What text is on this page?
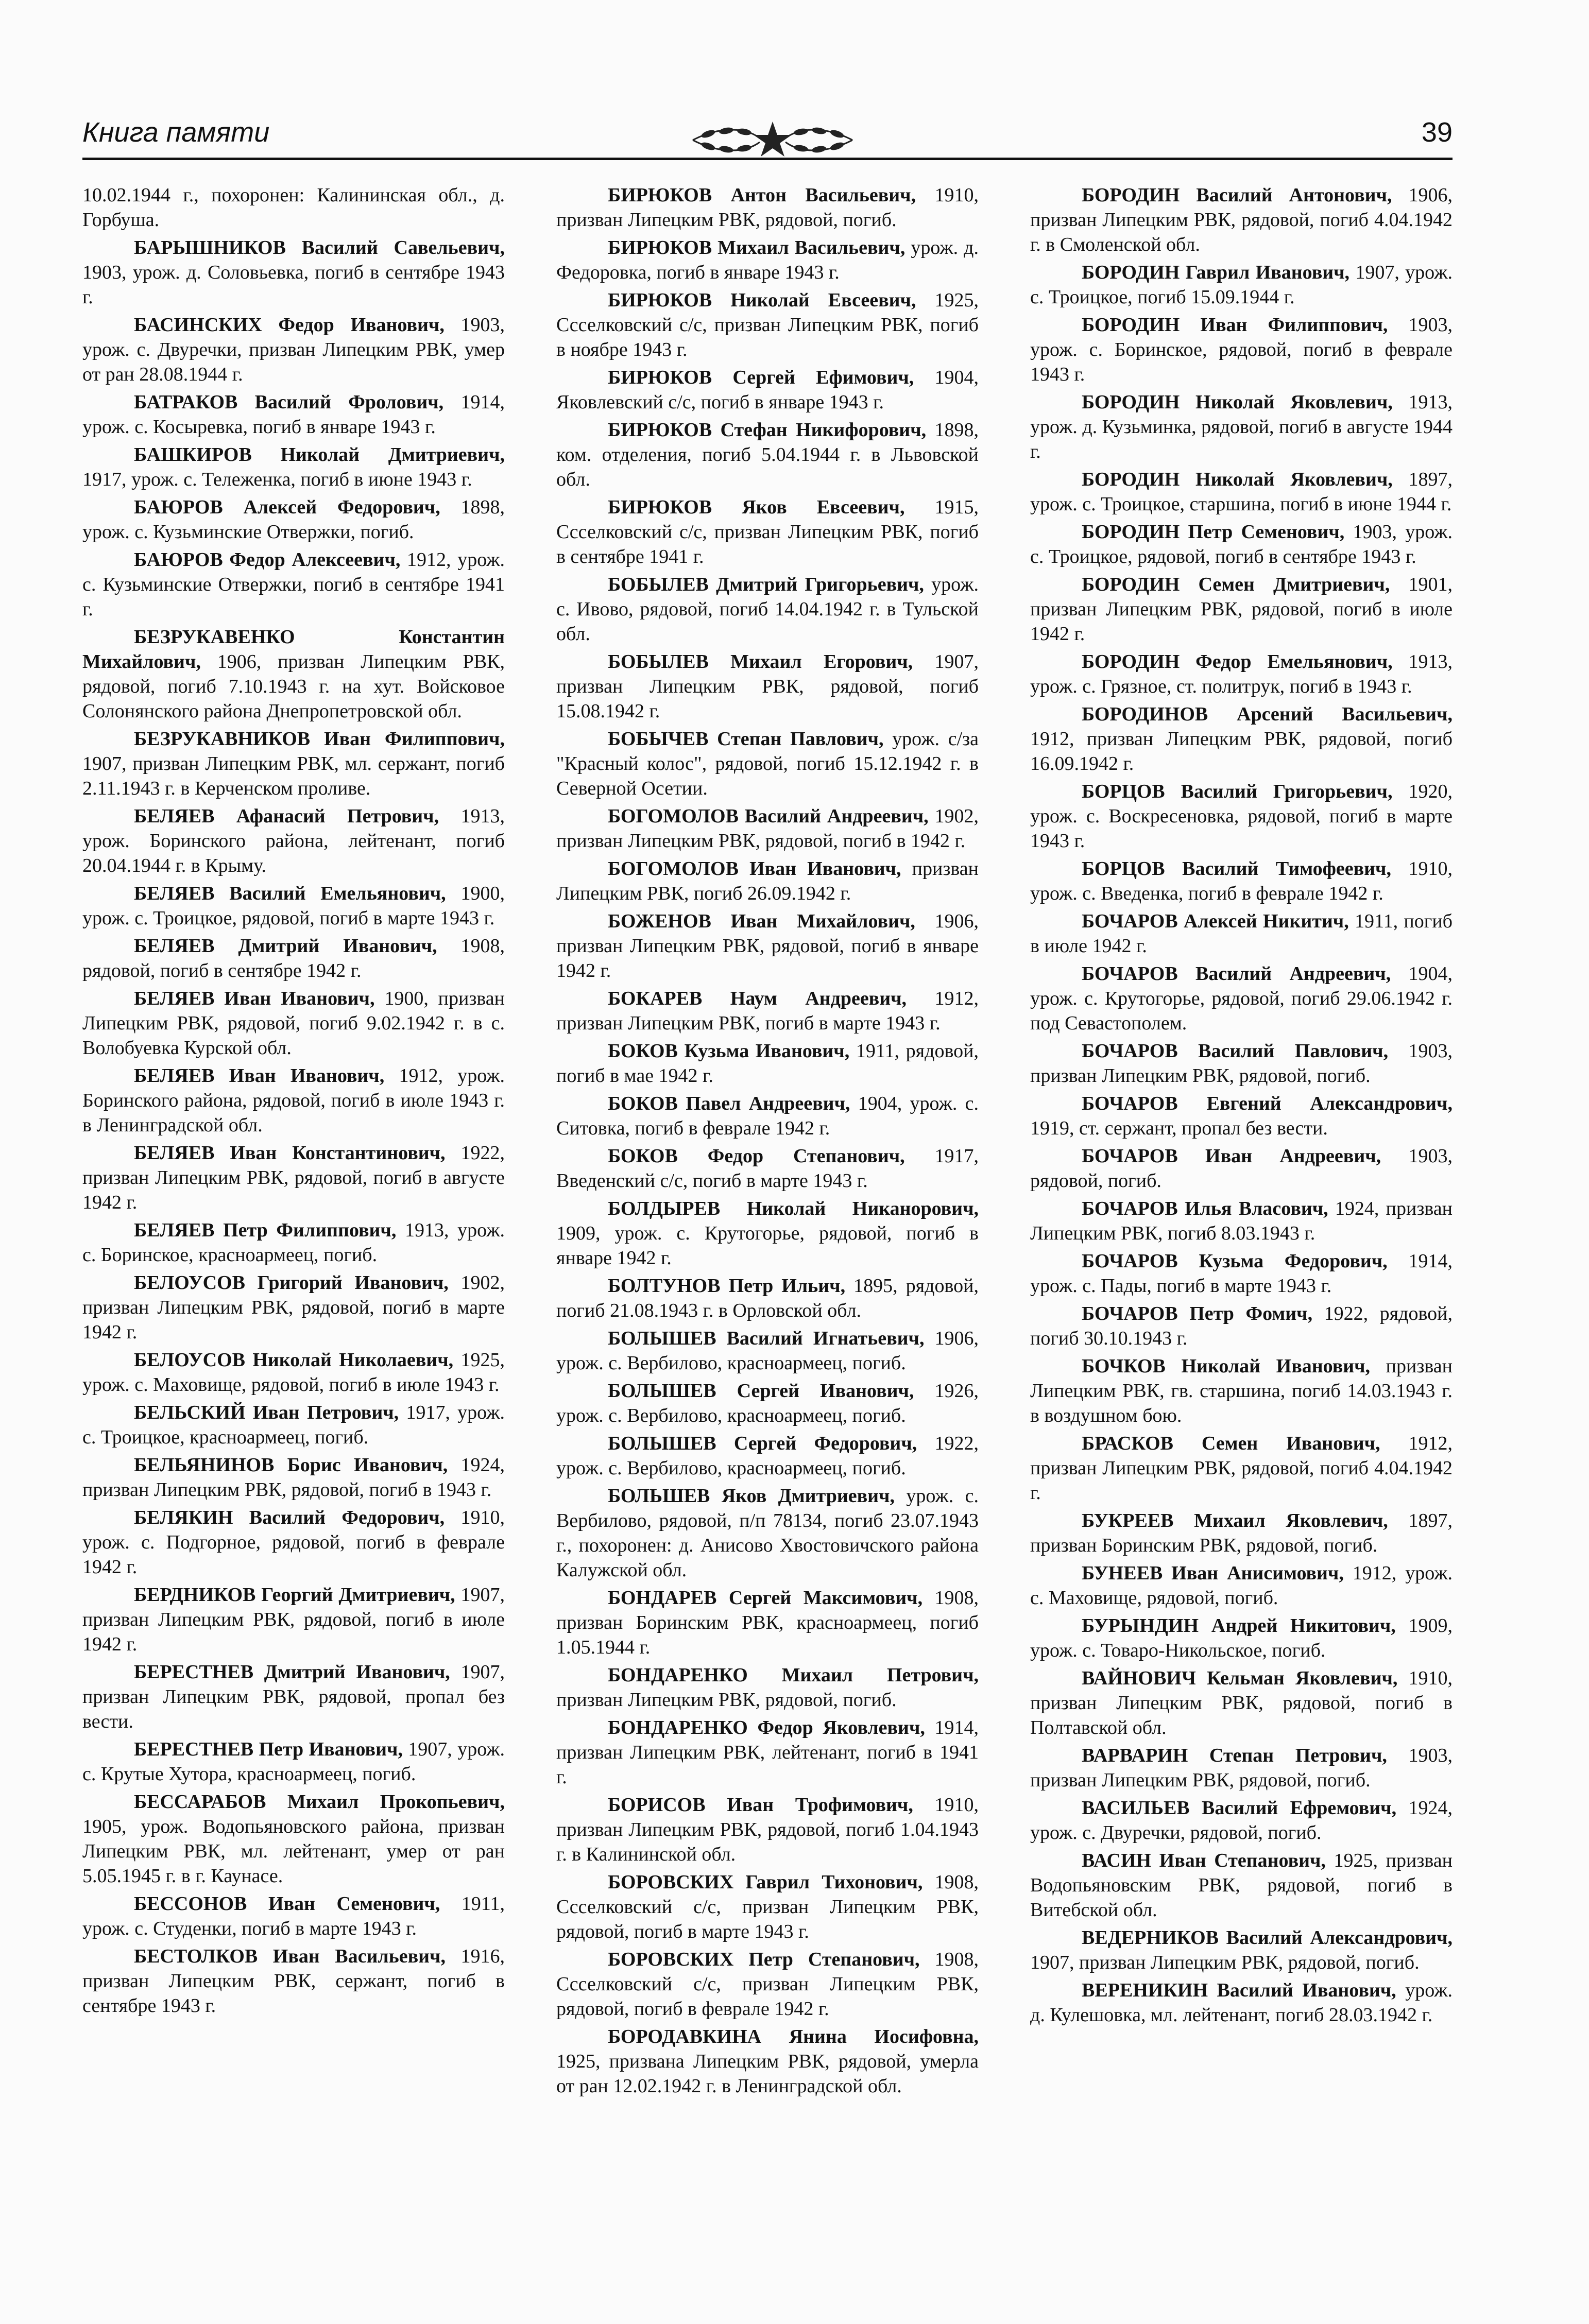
Книга памяти	39

10.02.1944 г., похоронен: Калининская обл., д. Горбуша.

БАРЫШНИКОВ Василий Савельевич, 1903, урож. д. Соловьевка, погиб в сентябре 1943 г.

БАСИНСКИХ Федор Иванович, 1903, урож. с. Двуречки, призван Липецким РВК, умер от ран 28.08.1944 г.

БАТРАКОВ Василий Фролович, 1914, урож. с. Косыревка, погиб в январе 1943 г.

БАШКИРОВ Николай Дмитриевич, 1917, урож. с. Тележенка, погиб в июне 1943 г.

БАЮРОВ Алексей Федорович, 1898, урож. с. Кузьминские Отвержки, погиб.

БАЮРОВ Федор Алексеевич, 1912, урож. с. Кузьминские Отвержки, погиб в сентябре 1941 г.

БЕЗРУКАВЕНКО Константин Михайлович, 1906, призван Липецким РВК, рядовой, погиб 7.10.1943 г. на хут. Войсковое Солонянского района Днепропетровской обл.

БЕЗРУКАВНИКОВ Иван Филиппович, 1907, призван Липецким РВК, мл. сержант, погиб 2.11.1943 г. в Керченском проливе.

БЕЛЯЕВ Афанасий Петрович, 1913, урож. Боринского района, лейтенант, погиб 20.04.1944 г. в Крыму.

БЕЛЯЕВ Василий Емельянович, 1900, урож. с. Троицкое, рядовой, погиб в марте 1943 г.

БЕЛЯЕВ Дмитрий Иванович, 1908, рядовой, погиб в сентябре 1942 г.

БЕЛЯЕВ Иван Иванович, 1900, призван Липецким РВК, рядовой, погиб 9.02.1942 г. в с. Волобуевка Курской обл.

БЕЛЯЕВ Иван Иванович, 1912, урож. Боринского района, рядовой, погиб в июле 1943 г. в Ленинградской обл.

БЕЛЯЕВ Иван Константинович, 1922, призван Липецким РВК, рядовой, погиб в августе 1942 г.

БЕЛЯЕВ Петр Филиппович, 1913, урож. с. Боринское, красноармеец, погиб.

БЕЛОУСОВ Григорий Иванович, 1902, призван Липецким РВК, рядовой, погиб в марте 1942 г.

БЕЛОУСОВ Николай Николаевич, 1925, урож. с. Маховище, рядовой, погиб в июле 1943 г.

БЕЛЬСКИЙ Иван Петрович, 1917, урож. с. Троицкое, красноармеец, погиб.

БЕЛЬЯНИНОВ Борис Иванович, 1924, призван Липецким РВК, рядовой, погиб в 1943 г.

БЕЛЯКИН Василий Федорович, 1910, урож. с. Подгорное, рядовой, погиб в феврале 1942 г.

БЕРДНИКОВ Георгий Дмитриевич, 1907, призван Липецким РВК, рядовой, погиб в июле 1942 г.

БЕРЕСТНЕВ Дмитрий Иванович, 1907, призван Липецким РВК, рядовой, пропал без вести.

БЕРЕСТНЕВ Петр Иванович, 1907, урож. с. Крутые Хутора, красноармеец, погиб.

БЕССАРАБОВ Михаил Прокопьевич, 1905, урож. Водопьяновского района, призван Липецким РВК, мл. лейтенант, умер от ран 5.05.1945 г. в г. Каунасе.

БЕССОНОВ Иван Семенович, 1911, урож. с. Студенки, погиб в марте 1943 г.

БЕСТОЛКОВ Иван Васильевич, 1916, призван Липецким РВК, сержант, погиб в сентябре 1943 г.

БИРЮКОВ Антон Васильевич, 1910, призван Липецким РВК, рядовой, погиб.

БИРЮКОВ Михаил Васильевич, урож. д. Федоровка, погиб в январе 1943 г.

БИРЮКОВ Николай Евсеевич, 1925, Ссселковский с/с, призван Липецким РВК, погиб в ноябре 1943 г.

БИРЮКОВ Сергей Ефимович, 1904, Яковлевский с/с, погиб в январе 1943 г.

БИРЮКОВ Стефан Никифорович, 1898, ком. отделения, погиб 5.04.1944 г. в Львовской обл.

БИРЮКОВ Яков Евсеевич, 1915, Ссселковский с/с, призван Липецким РВК, погиб в сентябре 1941 г.

БОБЫЛЕВ Дмитрий Григорьевич, урож. с. Ивово, рядовой, погиб 14.04.1942 г. в Тульской обл.

БОБЫЛЕВ Михаил Егорович, 1907, призван Липецким РВК, рядовой, погиб 15.08.1942 г.

БОБЫЧЕВ Степан Павлович, урож. с/за "Красный колос", рядовой, погиб 15.12.1942 г. в Северной Осетии.

БОГОМОЛОВ Василий Андреевич, 1902, призван Липецким РВК, рядовой, погиб в 1942 г.

БОГОМОЛОВ Иван Иванович, призван Липецким РВК, погиб 26.09.1942 г.

БОЖЕНОВ Иван Михайлович, 1906, призван Липецким РВК, рядовой, погиб в январе 1942 г.

БОКАРЕВ Наум Андреевич, 1912, призван Липецким РВК, погиб в марте 1943 г.

БОКОВ Кузьма Иванович, 1911, рядовой, погиб в мае 1942 г.

БОКОВ Павел Андреевич, 1904, урож. с. Ситовка, погиб в феврале 1942 г.

БОКОВ Федор Степанович, 1917, Введенский с/с, погиб в марте 1943 г.

БОЛДЫРЕВ Николай Никанорович, 1909, урож. с. Крутогорье, рядовой, погиб в январе 1942 г.

БОЛТУНОВ Петр Ильич, 1895, рядовой, погиб 21.08.1943 г. в Орловской обл.

БОЛЫШЕВ Василий Игнатьевич, 1906, урож. с. Вербилово, красноармеец, погиб.

БОЛЫШЕВ Сергей Иванович, 1926, урож. с. Вербилово, красноармеец, погиб.

БОЛЫШЕВ Сергей Федорович, 1922, урож. с. Вербилово, красноармеец, погиб.

БОЛЬШЕВ Яков Дмитриевич, урож. с. Вербилово, рядовой, п/п 78134, погиб 23.07.1943 г., похоронен: д. Анисово Хвостовичского района Калужской обл.

БОНДАРЕВ Сергей Максимович, 1908, призван Боринским РВК, красноармеец, погиб 1.05.1944 г.

БОНДАРЕНКО Михаил Петрович, призван Липецким РВК, рядовой, погиб.

БОНДАРЕНКО Федор Яковлевич, 1914, призван Липецким РВК, лейтенант, погиб в 1941 г.

БОРИСОВ Иван Трофимович, 1910, призван Липецким РВК, рядовой, погиб 1.04.1943 г. в Калининской обл.

БОРОВСКИХ Гаврил Тихонович, 1908, Ссселковский с/с, призван Липецким РВК, рядовой, погиб в марте 1943 г.

БОРОВСКИХ Петр Степанович, 1908, Ссселковский с/с, призван Липецким РВК, рядовой, погиб в феврале 1942 г.

БОРОДАВКИНА Янина Иосифовна, 1925, призвана Липецким РВК, рядовой, умерла от ран 12.02.1942 г. в Ленинградской обл.

БОРОДИН Василий Антонович, 1906, призван Липецким РВК, рядовой, погиб 4.04.1942 г. в Смоленской обл.

БОРОДИН Гаврил Иванович, 1907, урож. с. Троицкое, погиб 15.09.1944 г.

БОРОДИН Иван Филиппович, 1903, урож. с. Боринское, рядовой, погиб в феврале 1943 г.

БОРОДИН Николай Яковлевич, 1913, урож. д. Кузьминка, рядовой, погиб в августе 1944 г.

БОРОДИН Николай Яковлевич, 1897, урож. с. Троицкое, старшина, погиб в июне 1944 г.

БОРОДИН Петр Семенович, 1903, урож. с. Троицкое, рядовой, погиб в сентябре 1943 г.

БОРОДИН Семен Дмитриевич, 1901, призван Липецким РВК, рядовой, погиб в июле 1942 г.

БОРОДИН Федор Емельянович, 1913, урож. с. Грязное, ст. политрук, погиб в 1943 г.

БОРОДИНОВ Арсений Васильевич, 1912, призван Липецким РВК, рядовой, погиб 16.09.1942 г.

БОРЦОВ Василий Григорьевич, 1920, урож. с. Воскресеновка, рядовой, погиб в марте 1943 г.

БОРЦОВ Василий Тимофеевич, 1910, урож. с. Введенка, погиб в феврале 1942 г.

БОЧАРОВ Алексей Никитич, 1911, погиб в июле 1942 г.

БОЧАРОВ Василий Андреевич, 1904, урож. с. Крутогорье, рядовой, погиб 29.06.1942 г. под Севастополем.

БОЧАРОВ Василий Павлович, 1903, призван Липецким РВК, рядовой, погиб.

БОЧАРОВ Евгений Александрович, 1919, ст. сержант, пропал без вести.

БОЧАРОВ Иван Андреевич, 1903, рядовой, погиб.

БОЧАРОВ Илья Власович, 1924, призван Липецким РВК, погиб 8.03.1943 г.

БОЧАРОВ Кузьма Федорович, 1914, урож. с. Пады, погиб в марте 1943 г.

БОЧАРОВ Петр Фомич, 1922, рядовой, погиб 30.10.1943 г.

БОЧКОВ Николай Иванович, призван Липецким РВК, гв. старшина, погиб 14.03.1943 г. в воздушном бою.

БРАСКОВ Семен Иванович, 1912, призван Липецким РВК, рядовой, погиб 4.04.1942 г.

БУКРЕЕВ Михаил Яковлевич, 1897, призван Боринским РВК, рядовой, погиб.

БУНЕЕВ Иван Анисимович, 1912, урож. с. Маховище, рядовой, погиб.

БУРЫНДИН Андрей Никитович, 1909, урож. с. Товаро-Никольское, погиб.

ВАЙНОВИЧ Кельман Яковлевич, 1910, призван Липецким РВК, рядовой, погиб в Полтавской обл.

ВАРВАРИН Степан Петрович, 1903, призван Липецким РВК, рядовой, погиб.

ВАСИЛЬЕВ Василий Ефремович, 1924, урож. с. Двуречки, рядовой, погиб.

ВАСИН Иван Степанович, 1925, призван Водопьяновским РВК, рядовой, погиб в Витебской обл.

ВЕДЕРНИКОВ Василий Александрович, 1907, призван Липецким РВК, рядовой, погиб.

ВЕРЕНИКИН Василий Иванович, урож. д. Кулешовка, мл. лейтенант, погиб 28.03.1942 г.
